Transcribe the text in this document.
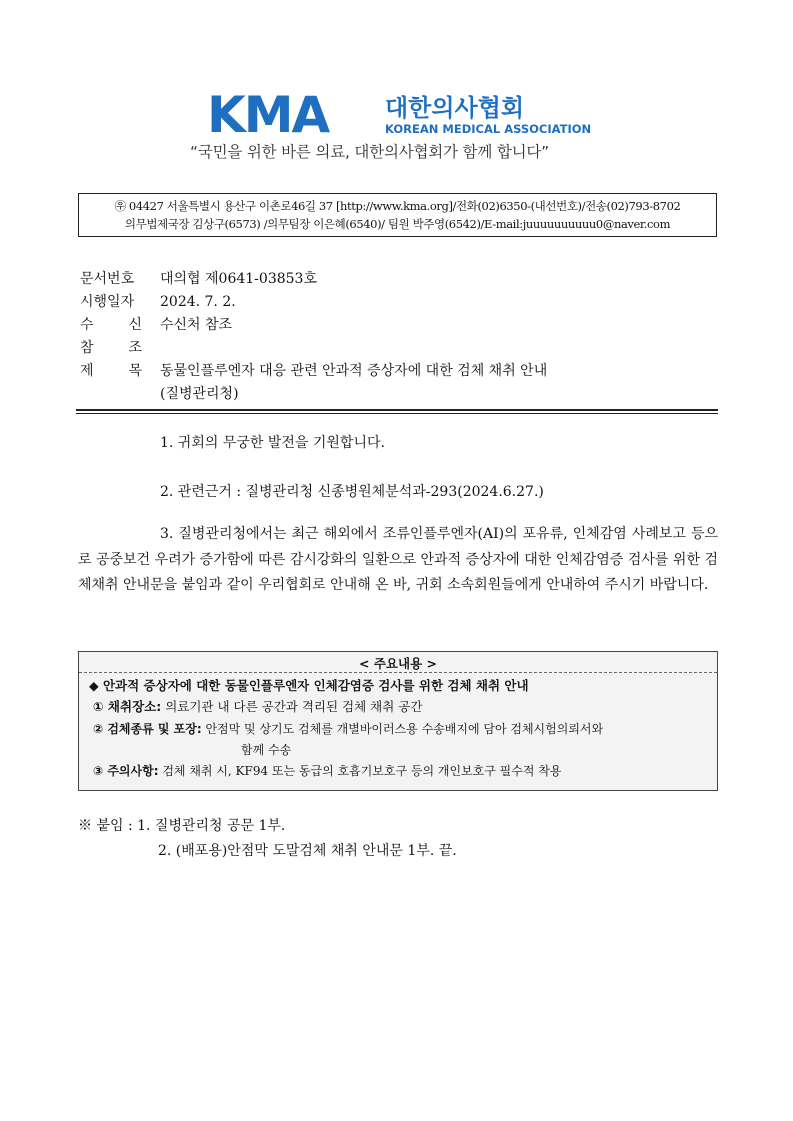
KMA 대한의사협회
KOREAN MEDICAL ASSOCIATION
“국민을 위한 바른 의료, 대한의사협회가 함께 합니다”
㉾ 04427 서울특별시 용산구 이촌로46길 37 [http://www.kma.org]/전화(02)6350-(내선번호)/전송(02)793-8702
의무법제국장 김상구(6573) /의무팀장 이은혜(6540)/ 팀원 박주영(6542)/E-mail:juuuuuuuuuu0@naver.com
문서번호	대의협 제0641-03853호
시행일자	2024. 7. 2.
수 신 수신처 참조
참 조
제 목 동물인플루엔자 대응 관련 안과적 증상자에 대한 검체 채취 안내
(질병관리청)
1. 귀회의 무궁한 발전을 기원합니다.
2. 관련근거 : 질병관리청 신종병원체분석과-293(2024.6.27.)
3. 질병관리청에서는 최근 해외에서 조류인플루엔자(AI)의 포유류, 인체감염 사례보고 등으로 공중보건 우려가 증가함에 따른 감시강화의 일환으로 안과적 증상자에 대한 인체감염증 검사를 위한 검체채취 안내문을 붙임과 같이 우리협회로 안내해 온 바, 귀회 소속회원들에게 안내하여 주시기 바랍니다.
< 주요내용 >
◆ 안과적 증상자에 대한 동물인플루엔자 인체감염증 검사를 위한 검체 채취 안내
① 채취장소: 의료기관 내 다른 공간과 격리된 검체 채취 공간
② 검체종류 및 포장: 안점막 및 상기도 검체를 개별바이러스용 수송배지에 담아 검체시험의뢰서와
함께 수송
③ 주의사항: 검체 채취 시, KF94 또는 동급의 호흡기보호구 등의 개인보호구 필수적 착용
※ 붙임 : 1. 질병관리청 공문 1부.
2. (배포용)안점막 도말검체 채취 안내문 1부. 끝.
